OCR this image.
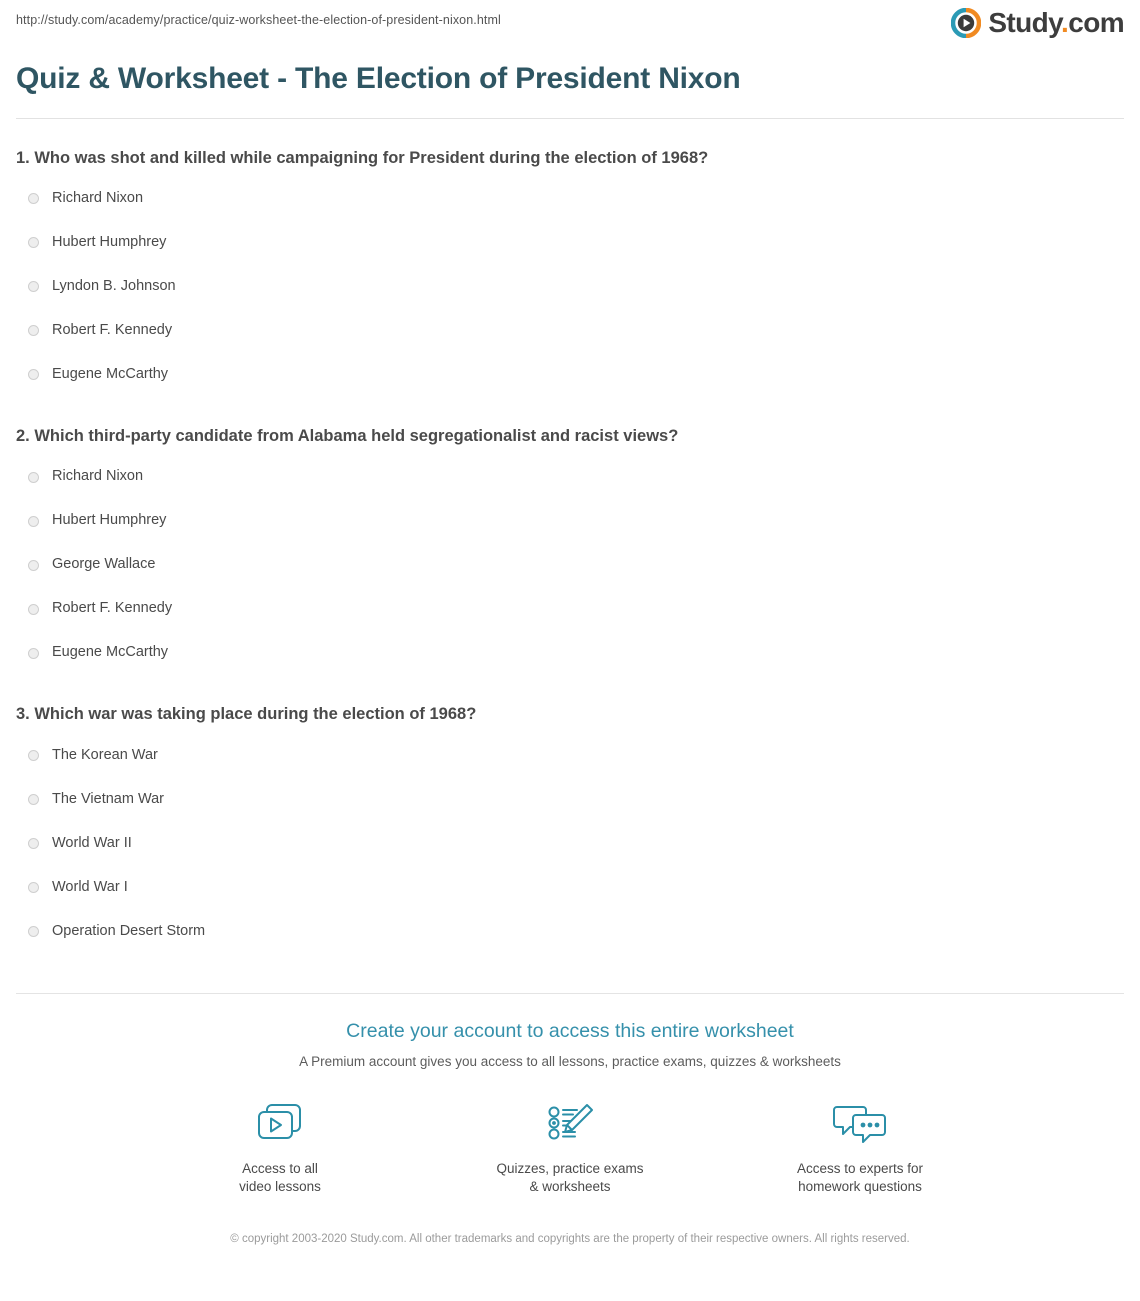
http://study.com/academy/practice/quiz-worksheet-the-election-of-president-nixon.html	Study.com
Quiz & Worksheet - The Election of President Nixon

1. Who was shot and killed while campaigning for President during the election of 1968?

Richard Nixon
Hubert Humphrey
Lyndon B. Johnson
Robert F. Kennedy
Eugene McCarthy

2. Which third-party candidate from Alabama held segregationalist and racist views?

Richard Nixon
Hubert Humphrey
George Wallace
Robert F. Kennedy
Eugene McCarthy

3. Which war was taking place during the election of 1968?

The Korean War
The Vietnam War
World War II
World War I
Operation Desert Storm
Create your account to access this entire worksheet

A Premium account gives you access to all lessons, practice exams, quizzes & worksheets

Access to all
video lessons
Quizzes, practice exams
& worksheets
Access to experts for
homework questions
© copyright 2003-2020 Study.com. All other trademarks and copyrights are the property of their respective owners. All rights reserved.
